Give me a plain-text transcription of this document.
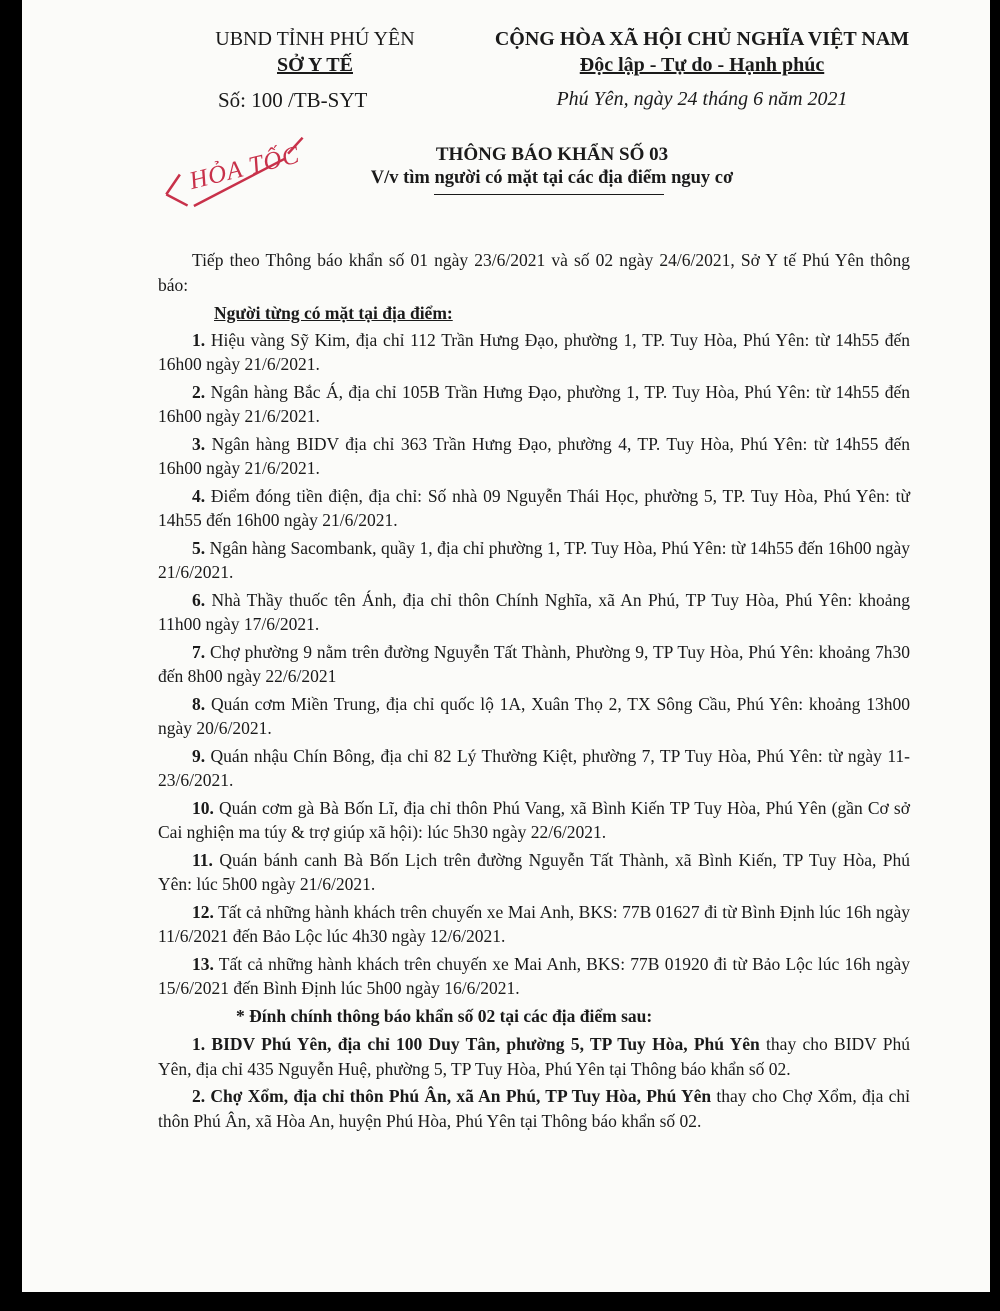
UBND TỈNH PHÚ YÊN
SỞ Y TẾ
Số: 100 /TB-SYT
CỘNG HÒA XÃ HỘI CHỦ NGHĨA VIỆT NAM
Độc lập - Tự do - Hạnh phúc
Phú Yên, ngày 24 tháng 6 năm 2021
HỎA TỐC	THÔNG BÁO KHẨN SỐ 03
V/v tìm người có mặt tại các địa điểm nguy cơ

Tiếp theo Thông báo khẩn số 01 ngày 23/6/2021 và số 02 ngày 24/6/2021, Sở Y tế Phú Yên thông báo:

Người từng có mặt tại địa điểm:

1. Hiệu vàng Sỹ Kim, địa chỉ 112 Trần Hưng Đạo, phường 1, TP. Tuy Hòa, Phú Yên: từ 14h55 đến 16h00 ngày 21/6/2021.

2. Ngân hàng Bắc Á, địa chỉ 105B Trần Hưng Đạo, phường 1, TP. Tuy Hòa, Phú Yên: từ 14h55 đến 16h00 ngày 21/6/2021.

3. Ngân hàng BIDV địa chỉ 363 Trần Hưng Đạo, phường 4, TP. Tuy Hòa, Phú Yên: từ 14h55 đến 16h00 ngày 21/6/2021.

4. Điểm đóng tiền điện, địa chỉ: Số nhà 09 Nguyễn Thái Học, phường 5, TP. Tuy Hòa, Phú Yên: từ 14h55 đến 16h00 ngày 21/6/2021.

5. Ngân hàng Sacombank, quầy 1, địa chỉ phường 1, TP. Tuy Hòa, Phú Yên: từ 14h55 đến 16h00 ngày 21/6/2021.

6. Nhà Thầy thuốc tên Ánh, địa chỉ thôn Chính Nghĩa, xã An Phú, TP Tuy Hòa, Phú Yên: khoảng 11h00 ngày 17/6/2021.

7. Chợ phường 9 nằm trên đường Nguyễn Tất Thành, Phường 9, TP Tuy Hòa, Phú Yên: khoảng 7h30 đến 8h00 ngày 22/6/2021

8. Quán cơm Miền Trung, địa chỉ quốc lộ 1A, Xuân Thọ 2, TX Sông Cầu, Phú Yên: khoảng 13h00 ngày 20/6/2021.

9. Quán nhậu Chín Bông, địa chỉ 82 Lý Thường Kiệt, phường 7, TP Tuy Hòa, Phú Yên: từ ngày 11-23/6/2021.

10. Quán cơm gà Bà Bốn Lĩ, địa chỉ thôn Phú Vang, xã Bình Kiến TP Tuy Hòa, Phú Yên (gần Cơ sở Cai nghiện ma túy & trợ giúp xã hội): lúc 5h30 ngày 22/6/2021.

11. Quán bánh canh Bà Bốn Lịch trên đường Nguyễn Tất Thành, xã Bình Kiến, TP Tuy Hòa, Phú Yên: lúc 5h00 ngày 21/6/2021.

12. Tất cả những hành khách trên chuyến xe Mai Anh, BKS: 77B 01627 đi từ Bình Định lúc 16h ngày 11/6/2021 đến Bảo Lộc lúc 4h30 ngày 12/6/2021.

13. Tất cả những hành khách trên chuyến xe Mai Anh, BKS: 77B 01920 đi từ Bảo Lộc lúc 16h ngày 15/6/2021 đến Bình Định lúc 5h00 ngày 16/6/2021.

* Đính chính thông báo khẩn số 02 tại các địa điểm sau:

1. BIDV Phú Yên, địa chỉ 100 Duy Tân, phường 5, TP Tuy Hòa, Phú Yên thay cho BIDV Phú Yên, địa chỉ 435 Nguyễn Huệ, phường 5, TP Tuy Hòa, Phú Yên tại Thông báo khẩn số 02.

2. Chợ Xổm, địa chỉ thôn Phú Ân, xã An Phú, TP Tuy Hòa, Phú Yên thay cho Chợ Xổm, địa chỉ thôn Phú Ân, xã Hòa An, huyện Phú Hòa, Phú Yên tại Thông báo khẩn số 02.
